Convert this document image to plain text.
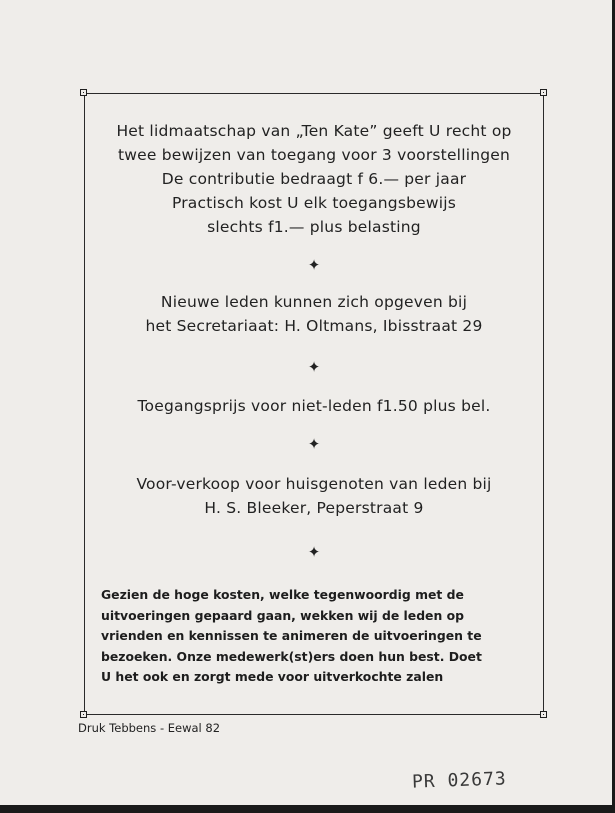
Het lidmaatschap van „Ten Kate” geeft U recht op
twee bewijzen van toegang voor 3 voorstellingen
De contributie bedraagt f 6.— per jaar
Practisch kost U elk toegangsbewijs
slechts f1.— plus belasting
✦
Nieuwe leden kunnen zich opgeven bij
het Secretariaat: H. Oltmans, Ibisstraat 29
✦
Toegangsprijs voor niet-leden f1.50 plus bel.
✦
Voor-verkoop voor huisgenoten van leden bij
H. S. Bleeker, Peperstraat 9
✦
Gezien de hoge kosten, welke tegenwoordig met de
uitvoeringen gepaard gaan, wekken wij de leden op
vrienden en kennissen te animeren de uitvoeringen te
bezoeken. Onze medewerk(st)ers doen hun best. Doet
U het ook en zorgt mede voor uitverkochte zalen
Druk Tebbens - Eewal 82
PR 02673
